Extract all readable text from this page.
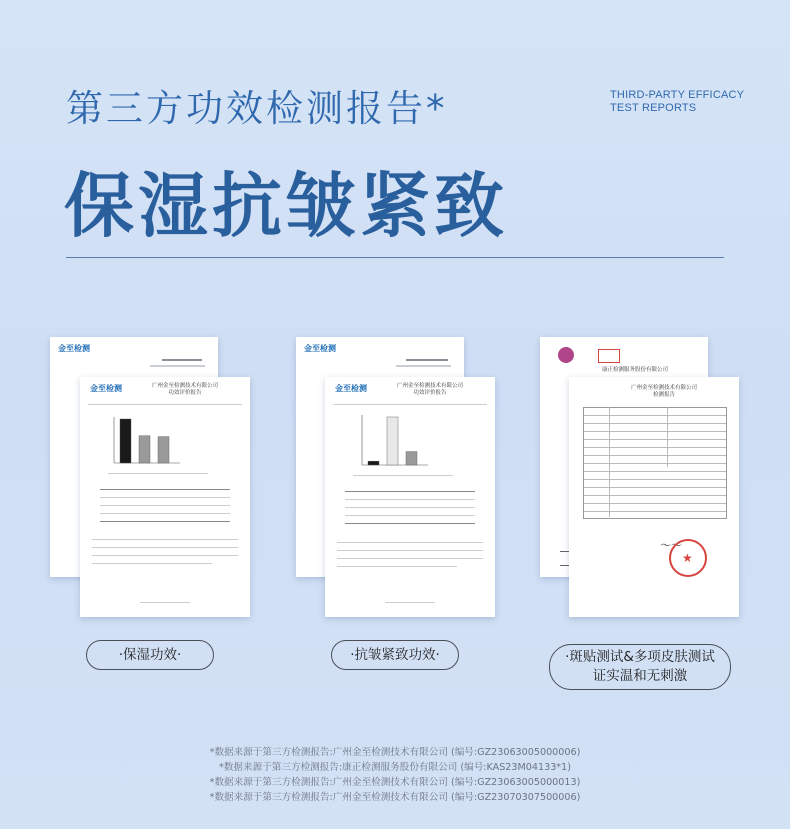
第三方功效检测报告*	THIRD-PARTY EFFICACY
TEST REPORTS
保湿抗皱紧致
金至检测
金至检测	广州金至检测技术有限公司
功效评价报告
金至检测
金至检测	广州金至检测技术有限公司
功效评价报告
康正检测服务股份有限公司
广州金至检测技术有限公司
检测报告
～〜
★
·保湿功效·	·抗皱紧致功效·	·斑贴测试&多项皮肤测试
证实温和无刺激
*数据来源于第三方检测报告:广州金至检测技术有限公司 (编号:GZ23063005000006)
*数据来源于第三方检测报告:康正检测服务股份有限公司 (编号:KAS23M04133*1)
*数据来源于第三方检测报告:广州金至检测技术有限公司 (编号:GZ23063005000013)
*数据来源于第三方检测报告:广州金至检测技术有限公司 (编号:GZ23070307500006)
